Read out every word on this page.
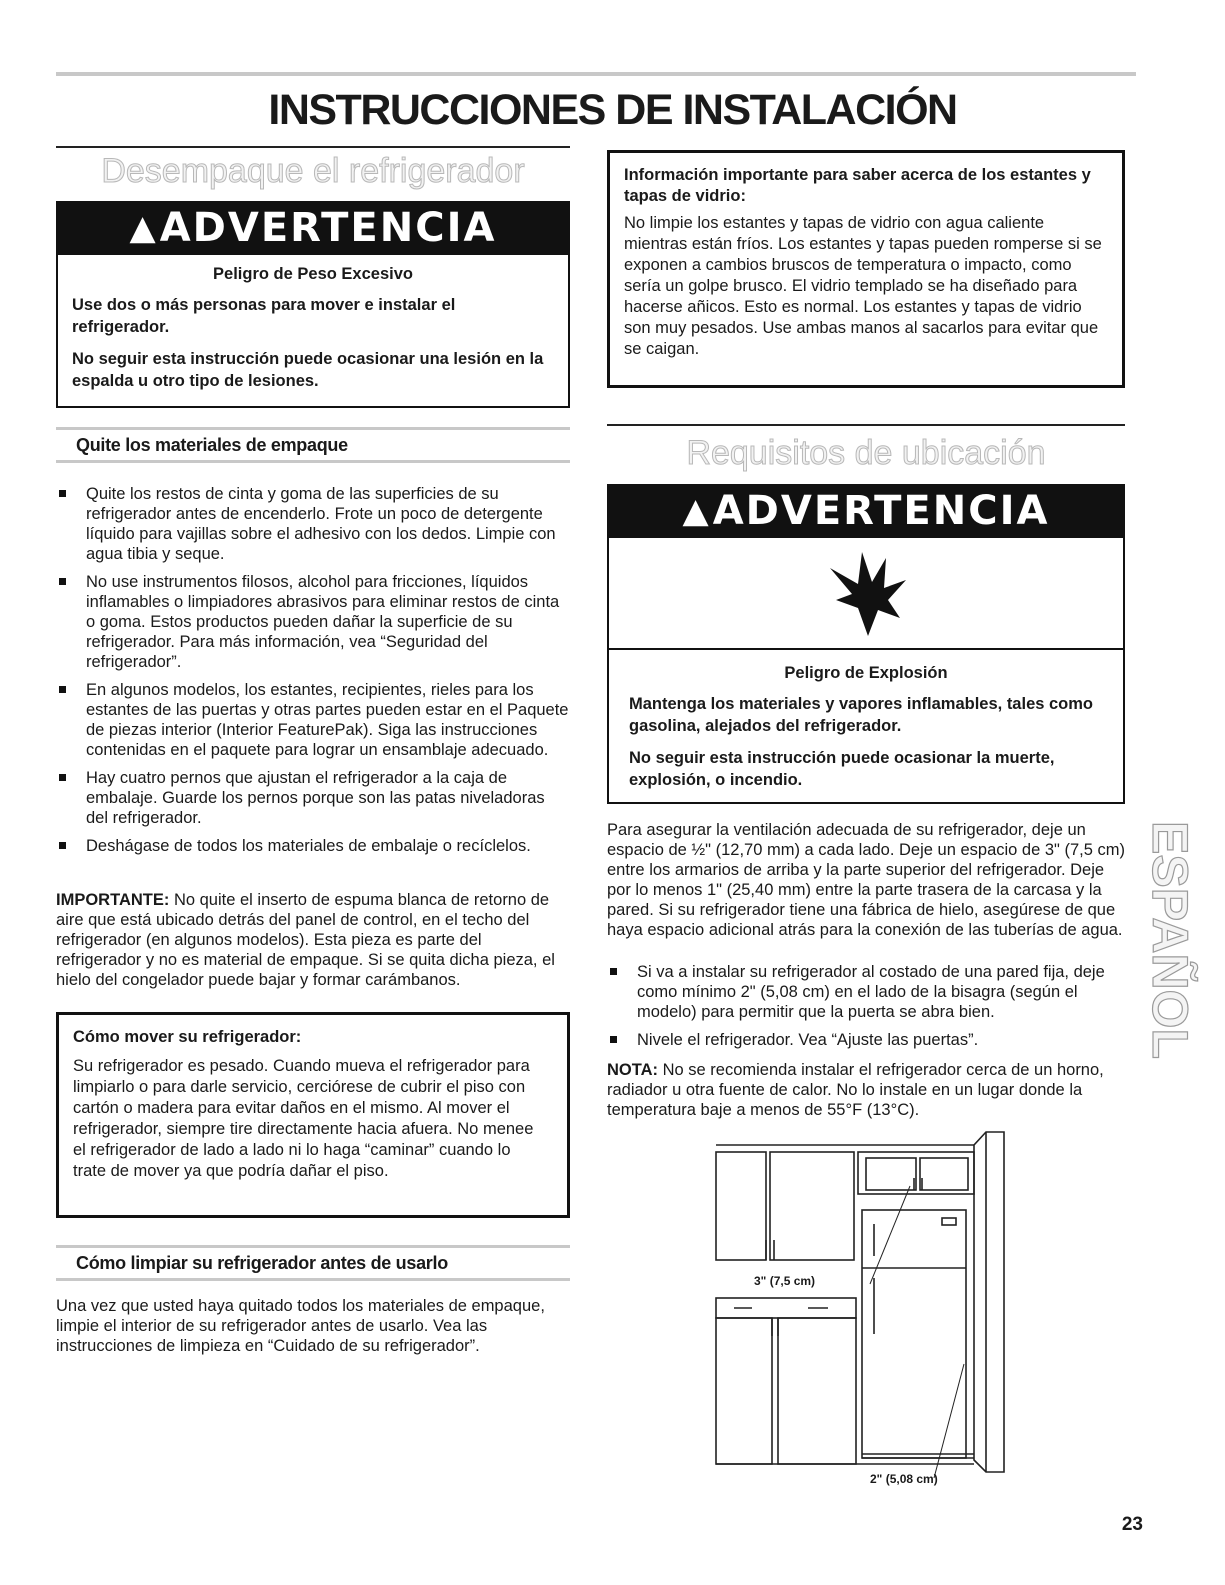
INSTRUCCIONES DE INSTALACIÓN
Desempaque el refrigerador
▲ADVERTENCIA

Peligro de Peso Excesivo

Use dos o más personas para mover e instalar el refrigerador.

No seguir esta instrucción puede ocasionar una lesión en la espalda u otro tipo de lesiones.

Quite los materiales de empaque
Quite los restos de cinta y goma de las superficies de su refrigerador antes de encenderlo. Frote un poco de detergente líquido para vajillas sobre el adhesivo con los dedos. Limpie con agua tibia y seque.
No use instrumentos filosos, alcohol para fricciones, líquidos inflamables o limpiadores abrasivos para eliminar restos de cinta o goma. Estos productos pueden dañar la superficie de su refrigerador. Para más información, vea “Seguridad del refrigerador”.
En algunos modelos, los estantes, recipientes, rieles para los estantes de las puertas y otras partes pueden estar en el Paquete de piezas interior (Interior FeaturePak). Siga las instrucciones contenidas en el paquete para lograr un ensamblaje adecuado.
Hay cuatro pernos que ajustan el refrigerador a la caja de embalaje. Guarde los pernos porque son las patas niveladoras del refrigerador.
Deshágase de todos los materiales de embalaje o recíclelos.

IMPORTANTE: No quite el inserto de espuma blanca de retorno de aire que está ubicado detrás del panel de control, en el techo del refrigerador (en algunos modelos). Esta pieza es parte del refrigerador y no es material de empaque. Si se quita dicha pieza, el hielo del congelador puede bajar y formar carámbanos.

Cómo mover su refrigerador:

Su refrigerador es pesado. Cuando mueva el refrigerador para limpiarlo o para darle servicio, cerciórese de cubrir el piso con cartón o madera para evitar daños en el mismo. Al mover el refrigerador, siempre tire directamente hacia afuera. No menee el refrigerador de lado a lado ni lo haga “caminar” cuando lo trate de mover ya que podría dañar el piso.

Cómo limpiar su refrigerador antes de usarlo

Una vez que usted haya quitado todos los materiales de empaque, limpie el interior de su refrigerador antes de usarlo. Vea las instrucciones de limpieza en “Cuidado de su refrigerador”.

Información importante para saber acerca de los estantes y tapas de vidrio:

No limpie los estantes y tapas de vidrio con agua caliente mientras están fríos. Los estantes y tapas pueden romperse si se exponen a cambios bruscos de temperatura o impacto, como sería un golpe brusco. El vidrio templado se ha diseñado para hacerse añicos. Esto es normal. Los estantes y tapas de vidrio son muy pesados. Use ambas manos al sacarlos para evitar que se caigan.

Requisitos de ubicación
▲ADVERTENCIA

Peligro de Explosión

Mantenga los materiales y vapores inflamables, tales como gasolina, alejados del refrigerador.

No seguir esta instrucción puede ocasionar la muerte, explosión, o incendio.

Para asegurar la ventilación adecuada de su refrigerador, deje un espacio de ½" (12,70 mm) a cada lado. Deje un espacio de 3" (7,5 cm) entre los armarios de arriba y la parte superior del refrigerador. Deje por lo menos 1" (25,40 mm) entre la parte trasera de la carcasa y la pared. Si su refrigerador tiene una fábrica de hielo, asegúrese de que haya espacio adicional atrás para la conexión de las tuberías de agua.

Si va a instalar su refrigerador al costado de una pared fija, deje como mínimo 2" (5,08 cm) en el lado de la bisagra (según el modelo) para permitir que la puerta se abra bien.
Nivele el refrigerador. Vea “Ajuste las puertas”.

NOTA: No se recomienda instalar el refrigerador cerca de un horno, radiador u otra fuente de calor. No lo instale en un lugar donde la temperatura baje a menos de 55°F (13°C).

3" (7,5 cm)
2" (5,08 cm)
ESPAÑOL
23
